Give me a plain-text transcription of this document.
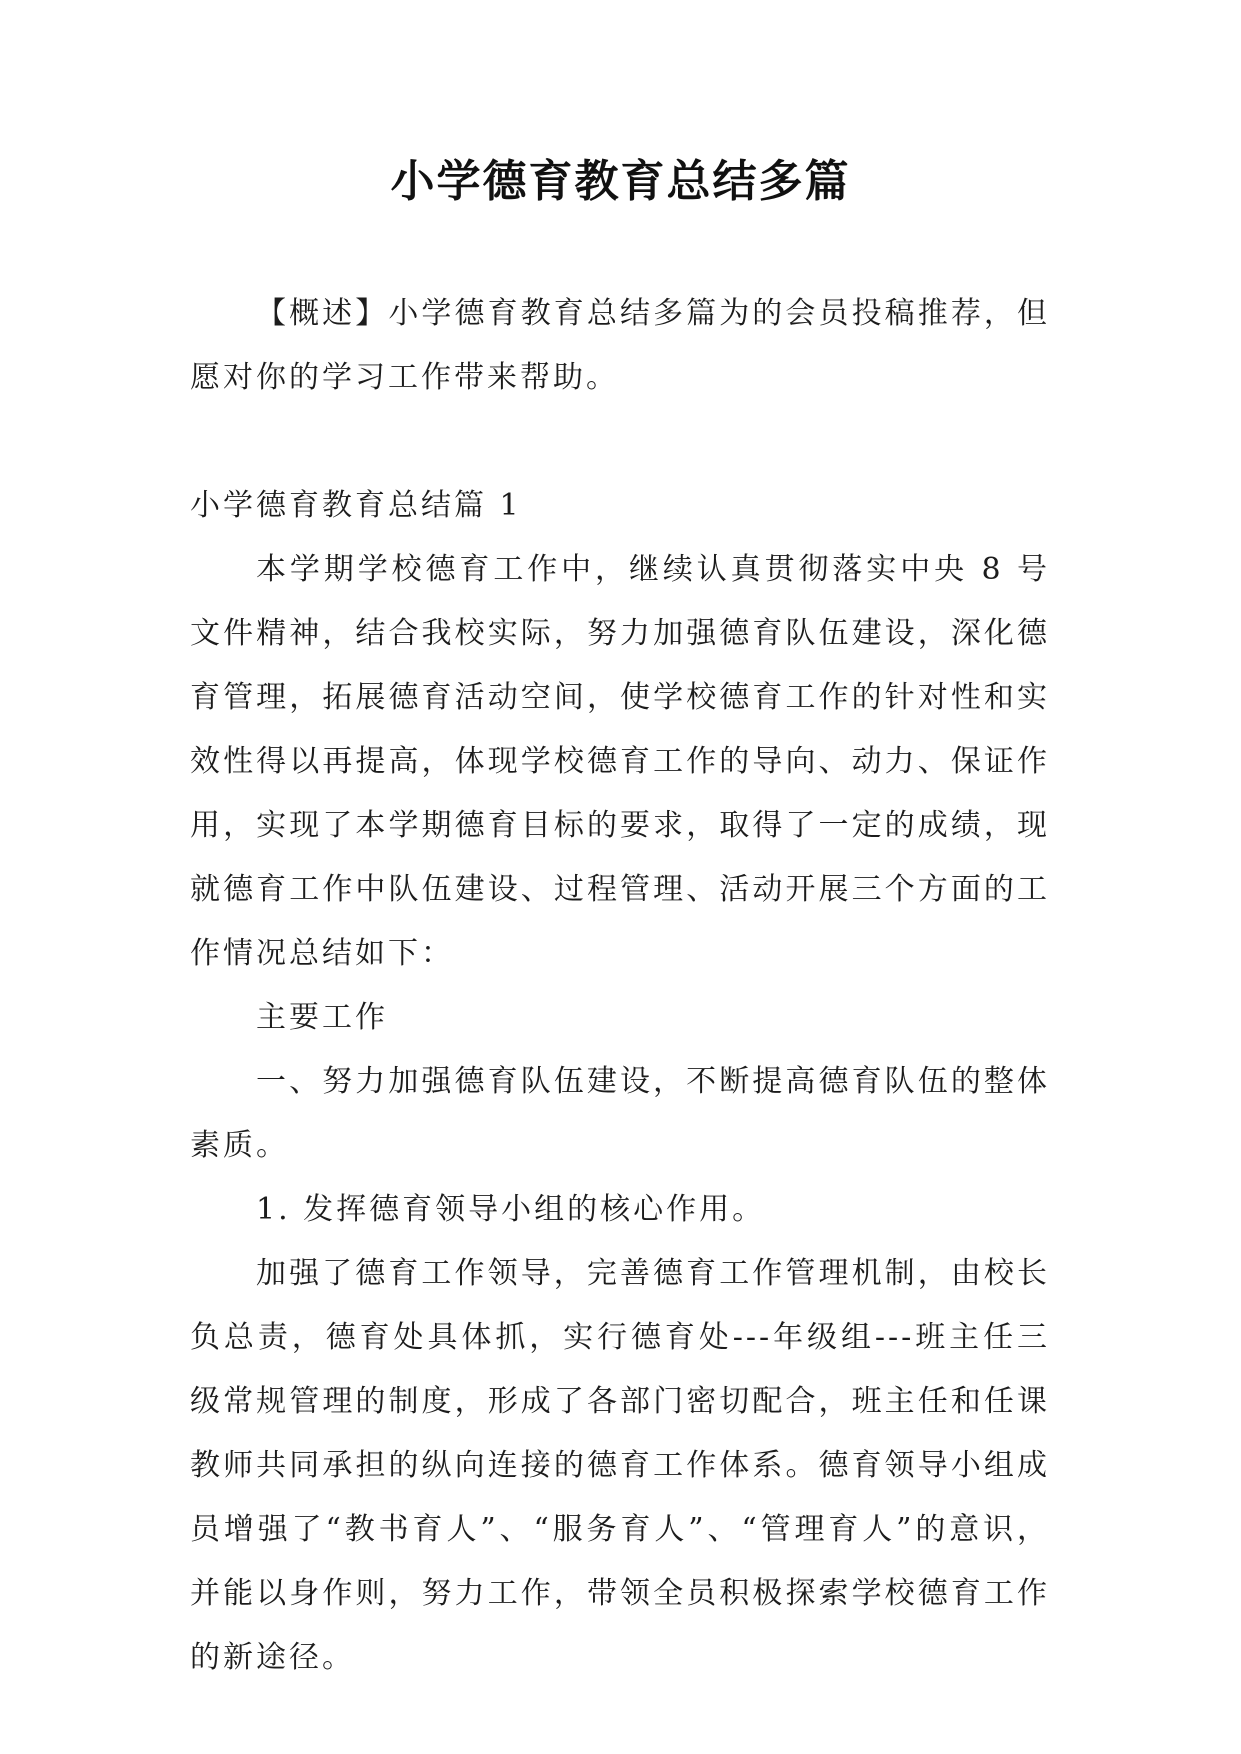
小学德育教育总结多篇

【概述】小学德育教育总结多篇为的会员投稿推荐，但愿对你的学习工作带来帮助。

小学德育教育总结篇 1

本学期学校德育工作中，继续认真贯彻落实中央 8 号文件精神，结合我校实际，努力加强德育队伍建设，深化德育管理，拓展德育活动空间，使学校德育工作的针对性和实效性得以再提高，体现学校德育工作的导向、动力、保证作用，实现了本学期德育目标的要求，取得了一定的成绩，现就德育工作中队伍建设、过程管理、活动开展三个方面的工作情况总结如下：

主要工作

一、努力加强德育队伍建设，不断提高德育队伍的整体素质。

1. 发挥德育领导小组的核心作用。

加强了德育工作领导，完善德育工作管理机制，由校长负总责，德育处具体抓，实行德育处---年级组---班主任三级常规管理的制度，形成了各部门密切配合，班主任和任课教师共同承担的纵向连接的德育工作体系。德育领导小组成员增强了“教书育人”、“服务育人”、“管理育人”的意识，并能以身作则，努力工作，带领全员积极探索学校德育工作的新途径。
